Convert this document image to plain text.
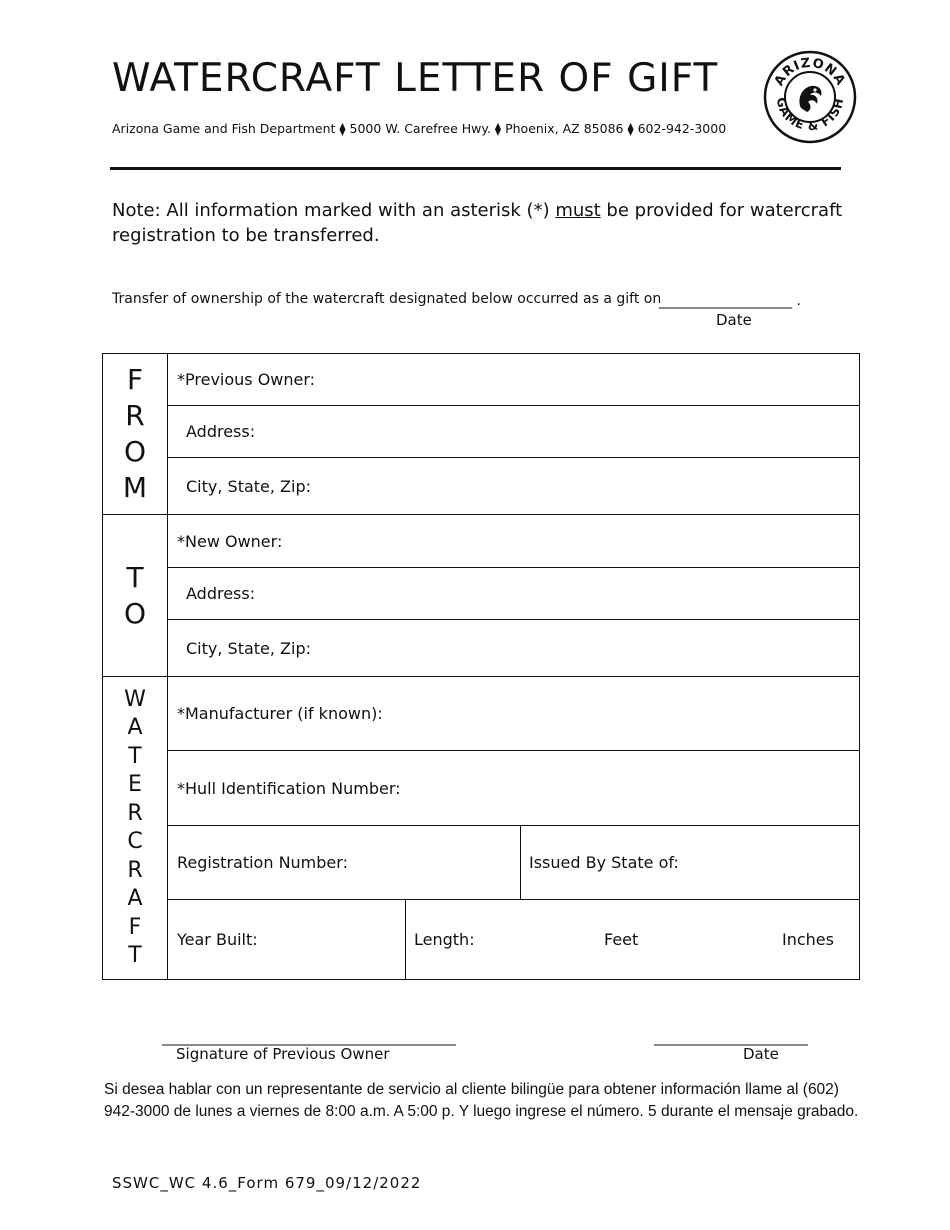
WATERCRAFT LETTER OF GIFT
Arizona Game and Fish Department ⧫ 5000 W. Carefree Hwy. ⧫ Phoenix, AZ 85086 ⧫ 602-942-3000
ARIZONA
GAME & FISH
Note: All information marked with an asterisk (*) must be provided for watercraft registration to be transferred.
Transfer of ownership of the watercraft designated below occurred as a gift on
___________________ .
Date
F
R
O
M
*Previous Owner:
Address:
City, State, Zip:
T
O
*New Owner:
Address:
City, State, Zip:
W
A
T
E
R
C
R
A
F
T
*Manufacturer (if known):
*Hull Identification Number:
Registration Number:	Issued By State of:
Year Built:	Length:	Feet	Inches
__________________________________________	______________________
Signature of Previous Owner	Date
Si desea hablar con un representante de servicio al cliente bilingüe para obtener información llame al (602) 942-3000 de lunes a viernes de 8:00 a.m. A 5:00 p. Y luego ingrese el número. 5 durante el mensaje grabado.
SSWC_WC 4.6_Form 679_09/12/2022
